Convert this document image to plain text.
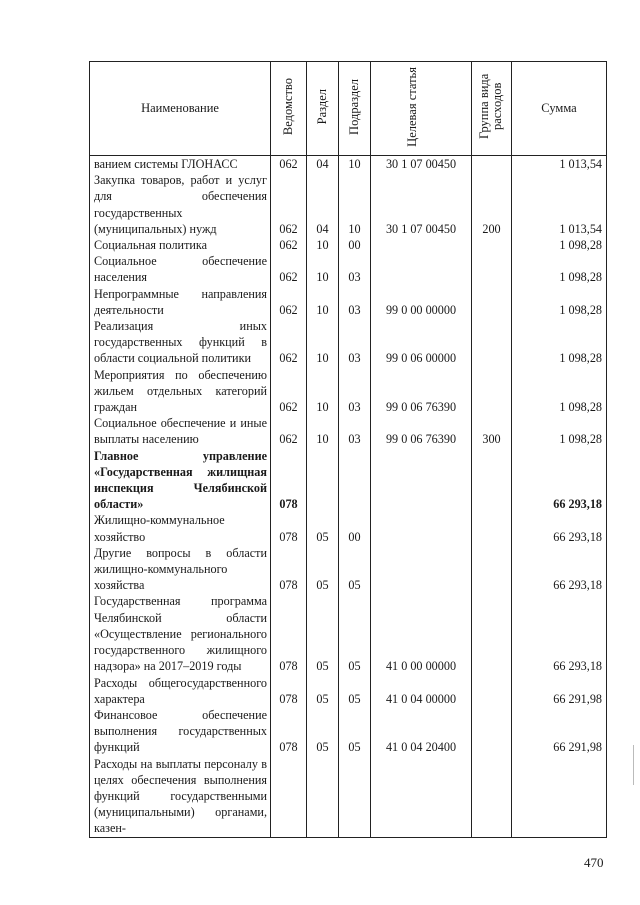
Наименование	Ведомство	Раздел	Подраздел	Целевая статья	Группа вида расходов	Сумма
ванием системы ГЛОНАСС	062	04	10	30 1 07 00450		1 013,54
Закупка товаров, работ и услуг для обеспечения государственных (муниципальных) нужд	062	04	10	30 1 07 00450	200	1 013,54
Социальная политика	062	10	00			1 098,28
Социальное обеспечение населения	062	10	03			1 098,28
Непрограммные направления деятельности	062	10	03	99 0 00 00000		1 098,28
Реализация иных государственных функций в области социальной политики	062	10	03	99 0 06 00000		1 098,28
Мероприятия по обеспечению жильем отдельных категорий граждан	062	10	03	99 0 06 76390		1 098,28
Социальное обеспечение и иные выплаты населению	062	10	03	99 0 06 76390	300	1 098,28
Главное управление «Государственная жилищная инспекция Челябинской области»	078					66 293,18
Жилищно-коммунальное хозяйство	078	05	00			66 293,18
Другие вопросы в области жилищно-коммунального хозяйства	078	05	05			66 293,18
Государственная программа Челябинской области «Осуществление регионального государственного жилищного надзора» на 2017–2019 годы	078	05	05	41 0 00 00000		66 293,18
Расходы общегосударственного характера	078	05	05	41 0 04 00000		66 291,98
Финансовое обеспечение выполнения государственных функций	078	05	05	41 0 04 20400		66 291,98
Расходы на выплаты персоналу в целях обеспечения выполнения функций государственными (муниципальными) органами, казен-						
470
